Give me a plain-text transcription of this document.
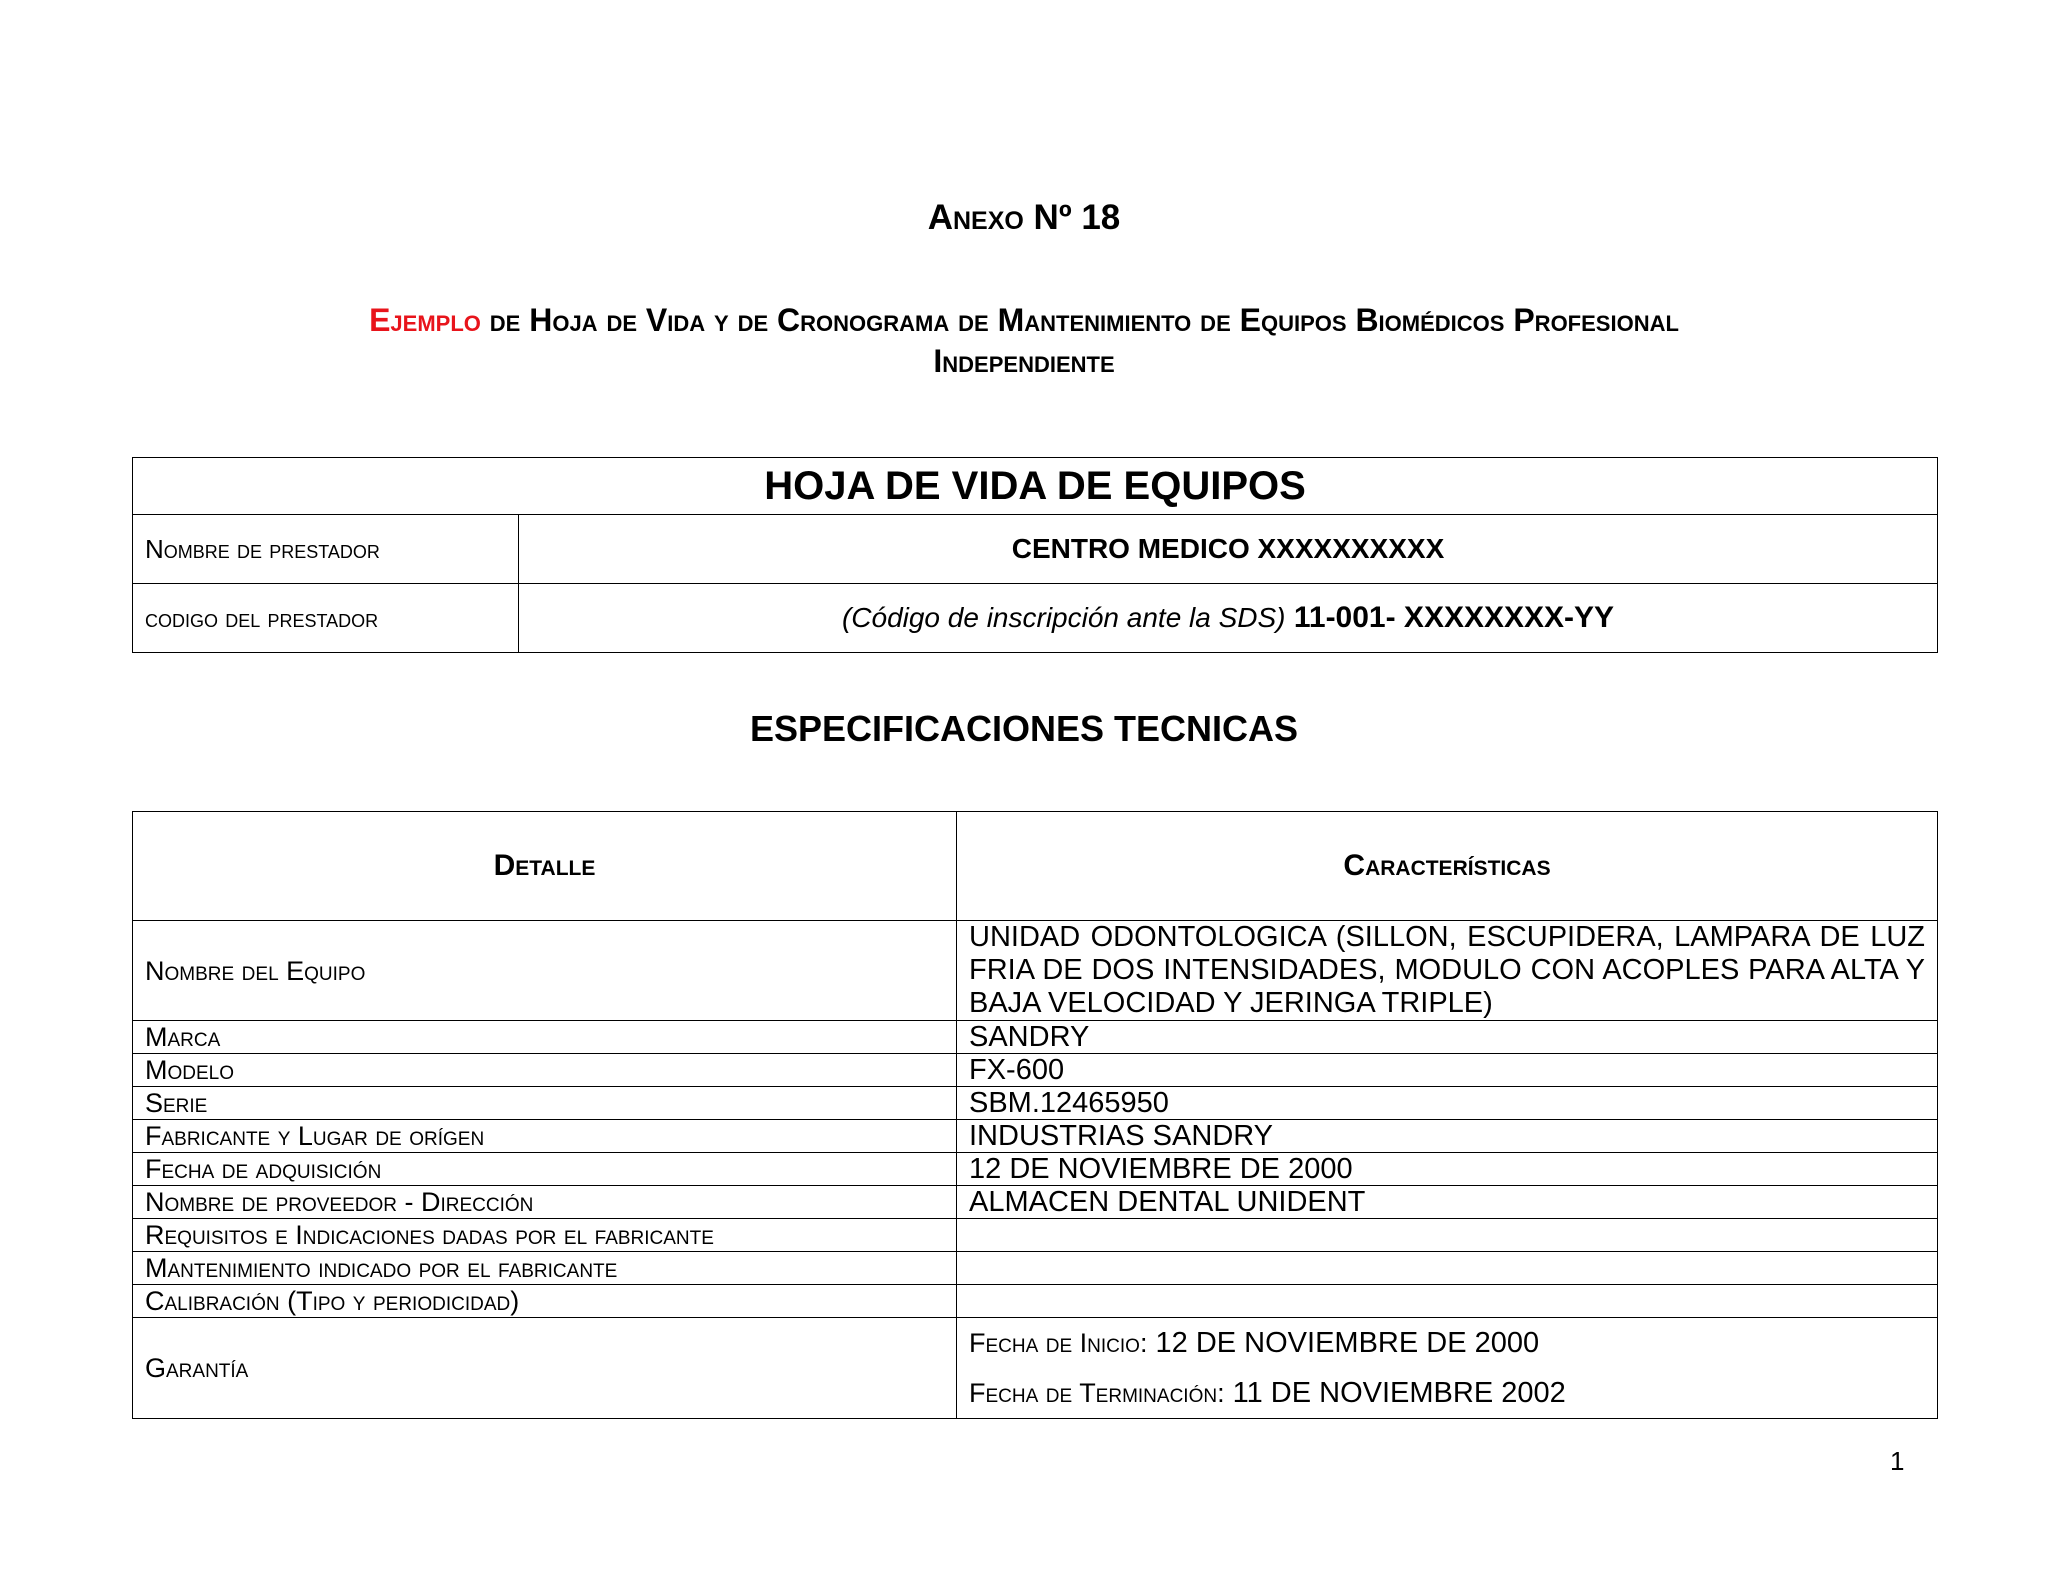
Anexo Nº 18
Ejemplo de Hoja de Vida y de Cronograma de Mantenimiento de Equipos Biomédicos Profesional
Independiente
HOJA DE VIDA DE EQUIPOS	
Nombre de prestador	CENTRO MEDICO XXXXXXXXXX
codigo del prestador	(Código de inscripción ante la SDS) 11-001- XXXXXXXX-YY
ESPECIFICACIONES TECNICAS
Detalle	Características
Nombre del Equipo	UNIDAD ODONTOLOGICA (SILLON, ESCUPIDERA, LAMPARA DE LUZ FRIA DE DOS INTENSIDADES, MODULO CON ACOPLES PARA ALTA Y BAJA VELOCIDAD Y JERINGA TRIPLE)
Marca	SANDRY
Modelo	FX-600
Serie	SBM.12465950
Fabricante y Lugar de orígen	INDUSTRIAS SANDRY
Fecha de adquisición	12 DE NOVIEMBRE DE 2000
Nombre de proveedor - Dirección	ALMACEN DENTAL UNIDENT
Requisitos e Indicaciones dadas por el fabricante	
Mantenimiento indicado por el fabricante	
Calibración (Tipo y periodicidad)	
Garantía	Fecha de Inicio: 12 DE NOVIEMBRE DE 2000
Fecha de Terminación: 11 DE NOVIEMBRE 2002
1
